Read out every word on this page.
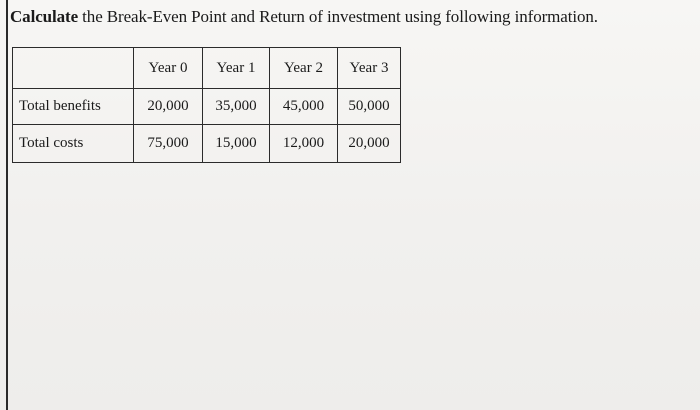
Calculate the Break-Even Point and Return of investment using following information.
	Year 0	Year 1	Year 2	Year 3
Total benefits	20,000	35,000	45,000	50,000
Total costs	75,000	15,000	12,000	20,000
